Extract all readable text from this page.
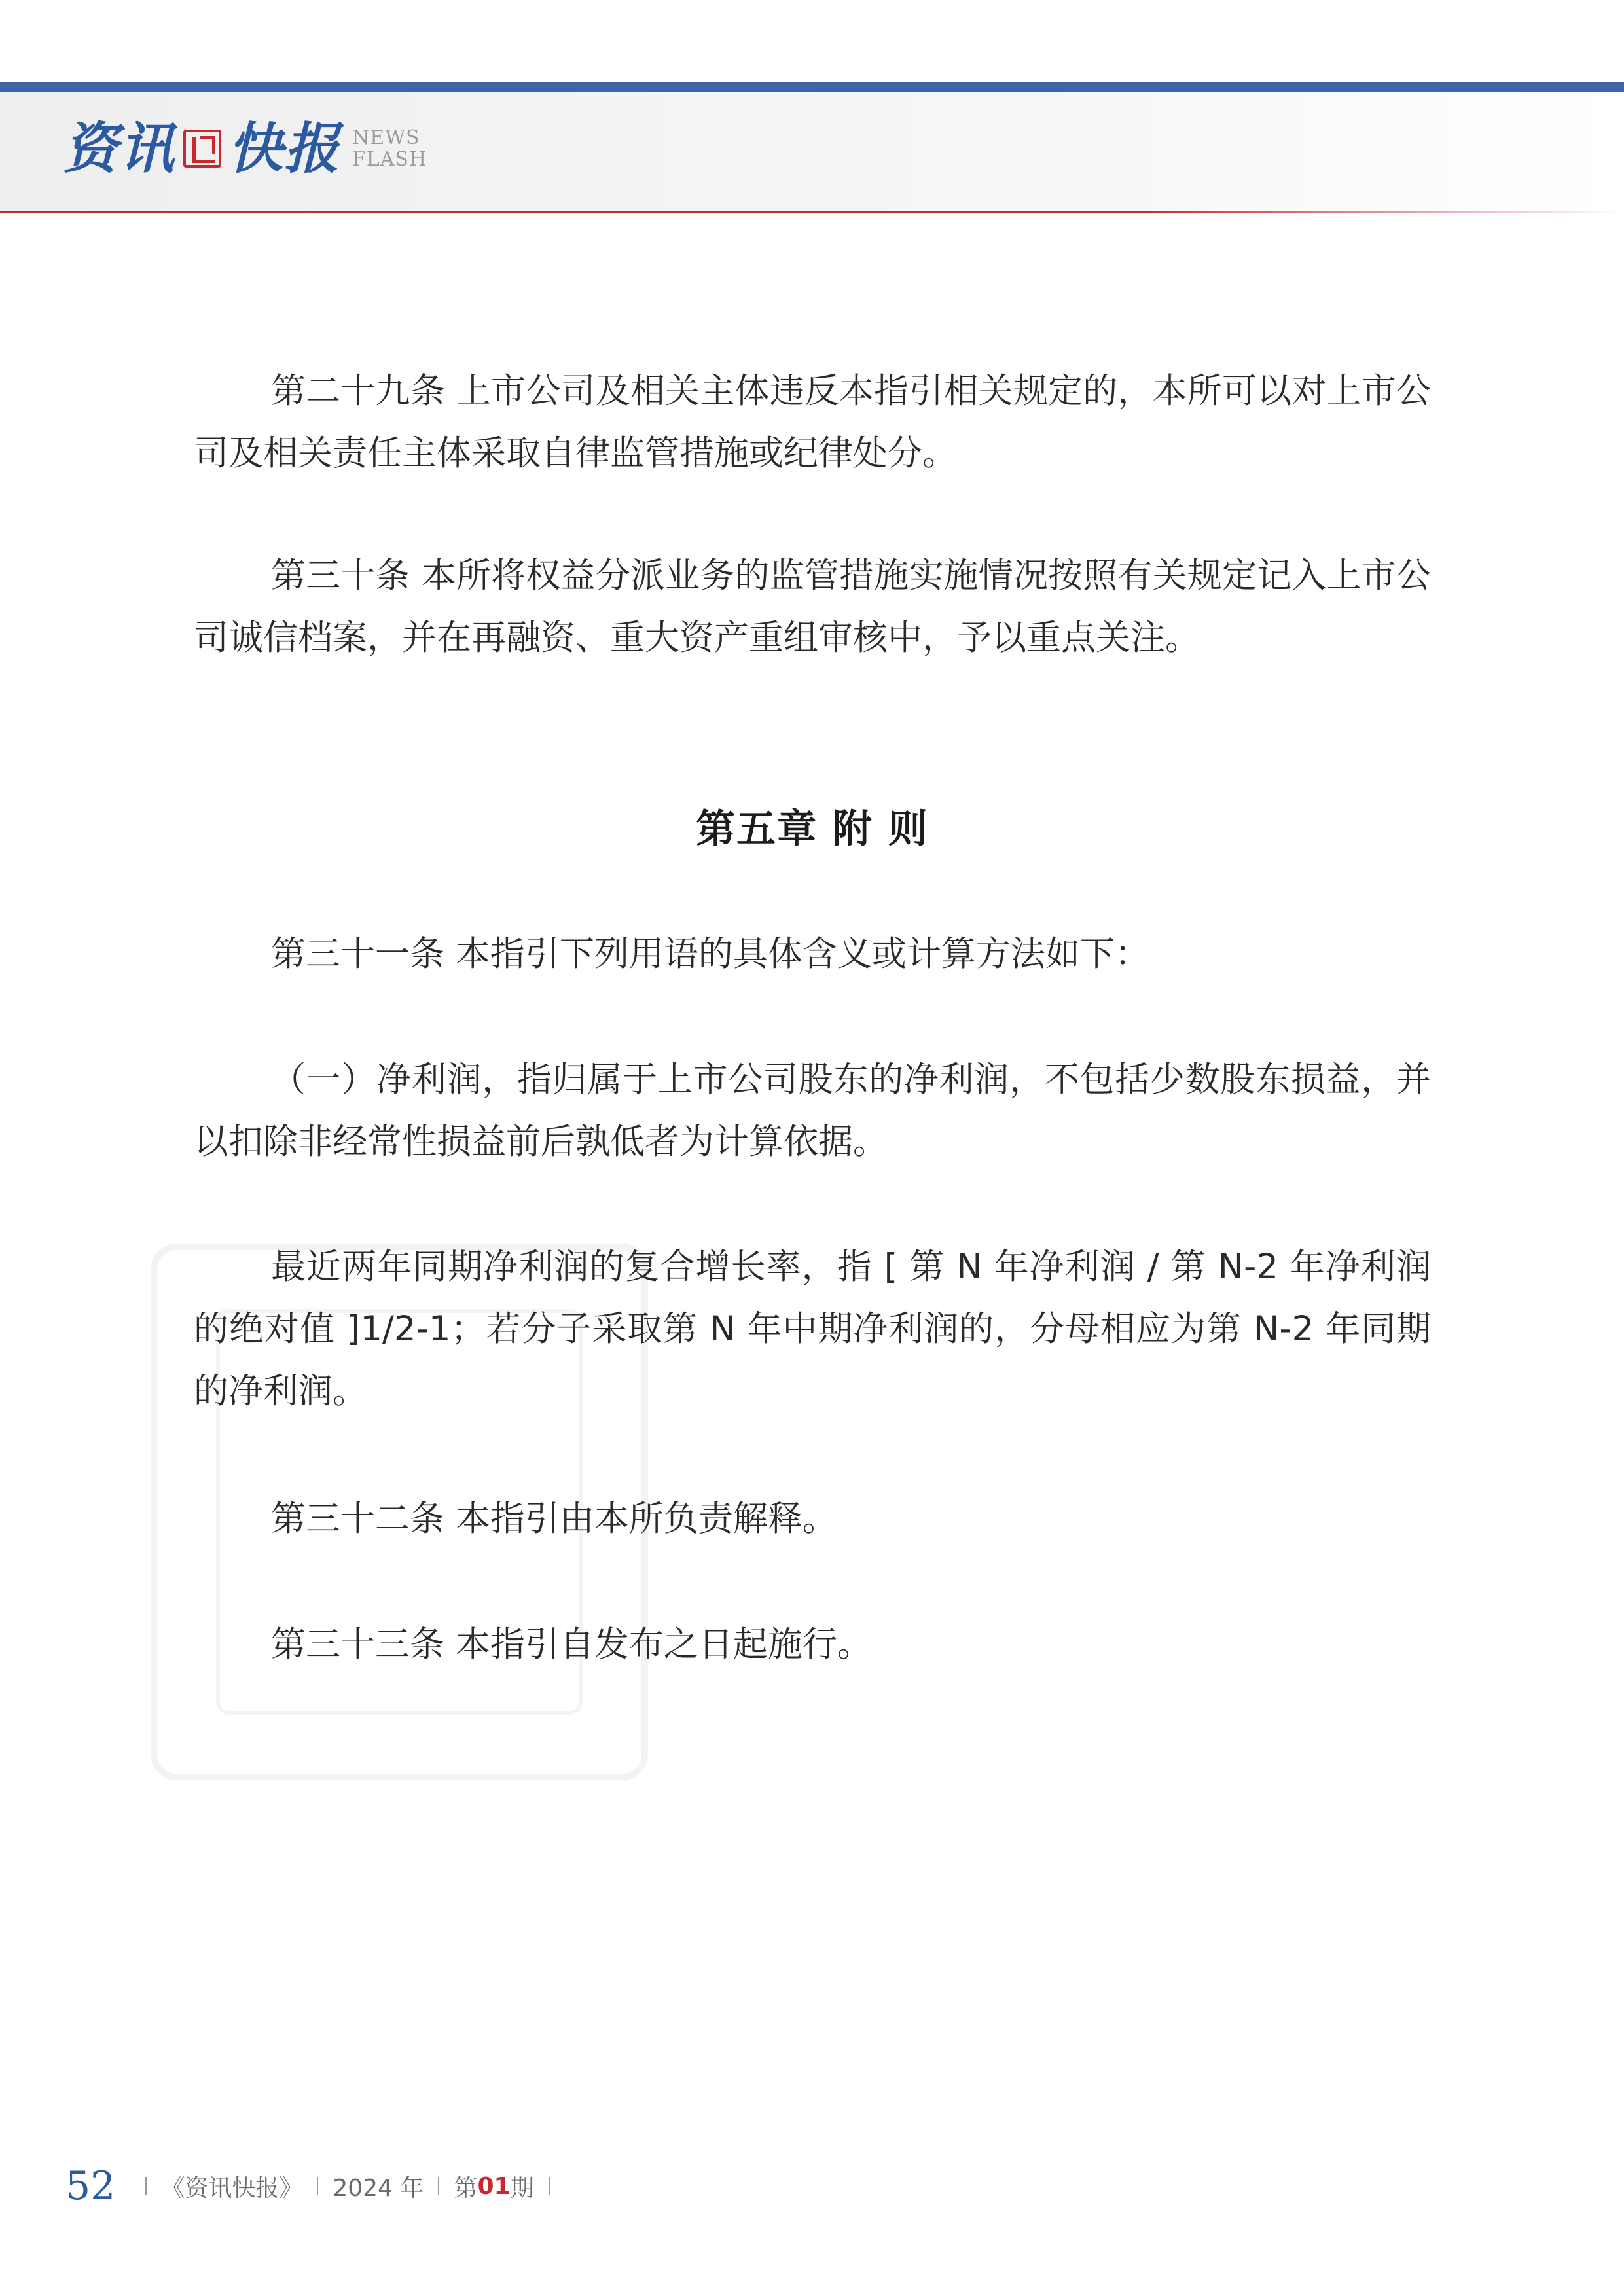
资讯 快报 NEWS
FLASH

第二十九条 上市公司及相关主体违反本指引相关规定的，本所可以对上市公司及相关责任主体采取自律监管措施或纪律处分。

第三十条 本所将权益分派业务的监管措施实施情况按照有关规定记入上市公司诚信档案，并在再融资、重大资产重组审核中，予以重点关注。

第五章 附 则

第三十一条 本指引下列用语的具体含义或计算方法如下：

（一）净利润，指归属于上市公司股东的净利润，不包括少数股东损益，并以扣除非经常性损益前后孰低者为计算依据。

最近两年同期净利润的复合增长率，指 [ 第 N 年净利润 / 第 N-2 年净利润的绝对值 ]1/2-1；若分子采取第 N 年中期净利润的，分母相应为第 N-2 年同期的净利润。

第三十二条 本指引由本所负责解释。

第三十三条 本指引自发布之日起施行。

52 《资讯快报》 2024 年 第 01 期
